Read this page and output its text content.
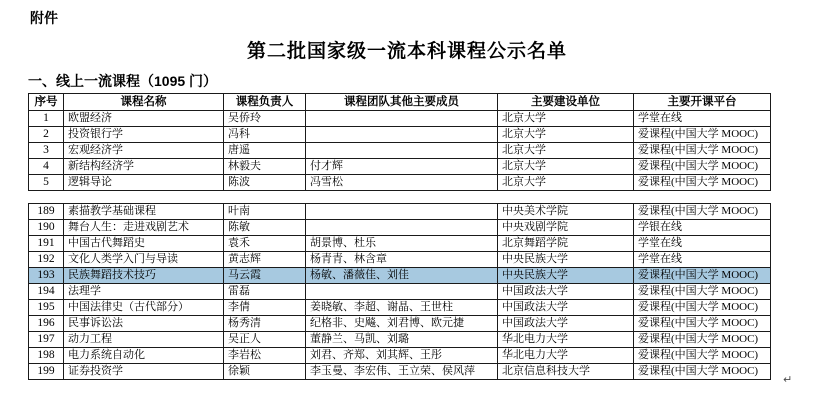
附件
第二批国家级一流本科课程公示名单
一、线上一流课程（1095 门）
序号	课程名称	课程负责人	课程团队其他主要成员	主要建设单位	主要开课平台
1	欧盟经济	吴侨玲		北京大学	学堂在线
2	投资银行学	冯科		北京大学	爱课程(中国大学 MOOC)
3	宏观经济学	唐遥		北京大学	爱课程(中国大学 MOOC)
4	新结构经济学	林毅夫	付才辉	北京大学	爱课程(中国大学 MOOC)
5	逻辑导论	陈波	冯雪松	北京大学	爱课程(中国大学 MOOC)
189	素描教学基础课程	叶南		中央美术学院	爱课程(中国大学 MOOC)
190	舞台人生：走进戏剧艺术	陈敏		中央戏剧学院	学银在线
191	中国古代舞蹈史	袁禾	胡景博、杜乐	北京舞蹈学院	学堂在线
192	文化人类学入门与导读	黄志辉	杨青青、林含章	中央民族大学	学堂在线
193	民族舞蹈技术技巧	马云霞	杨敏、潘薇佳、刘佳	中央民族大学	爱课程(中国大学 MOOC)
194	法理学	雷磊		中国政法大学	爱课程(中国大学 MOOC)
195	中国法律史（古代部分）	李倩	姜晓敏、李超、谢晶、王世柱	中国政法大学	爱课程(中国大学 MOOC)
196	民事诉讼法	杨秀清	纪格非、史飚、刘君博、欧元捷	中国政法大学	爱课程(中国大学 MOOC)
197	动力工程	吴正人	董静兰、马凯、刘璐	华北电力大学	爱课程(中国大学 MOOC)
198	电力系统自动化	李岩松	刘君、齐郑、刘其辉、王彤	华北电力大学	爱课程(中国大学 MOOC)
199	证券投资学	徐颖	李玉曼、李宏伟、王立荣、侯风萍	北京信息科技大学	爱课程(中国大学 MOOC)
↵
